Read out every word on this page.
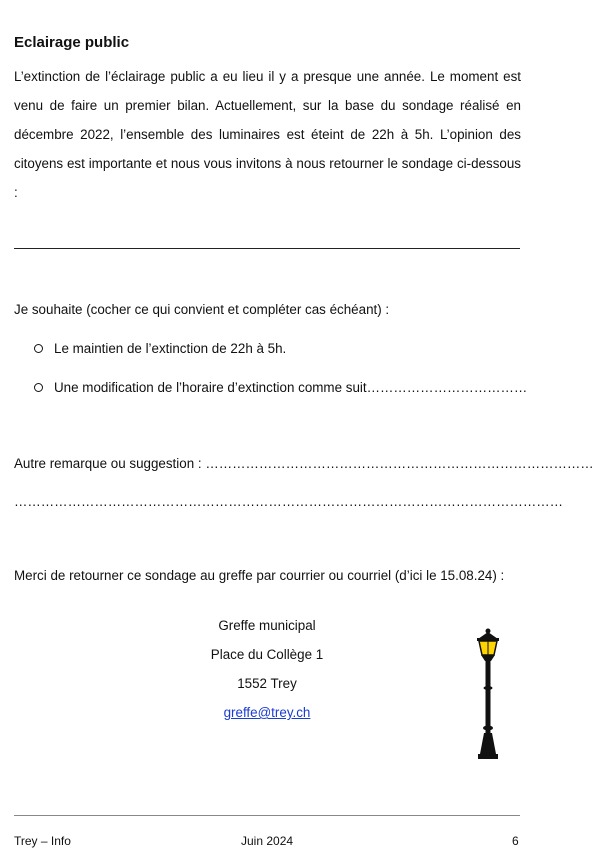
Eclairage public
L’extinction de l’éclairage public a eu lieu il y a presque une année. Le moment est venu de faire un premier bilan. Actuellement, sur la base du sondage réalisé en décembre 2022, l’ensemble des luminaires est éteint de 22h à 5h. L’opinion des citoyens est importante et nous vous invitons à nous retourner le sondage ci-dessous :
Je souhaite (cocher ce qui convient et compléter cas échéant) :
Le maintien de l’extinction de 22h à 5h.
Une modification de l’horaire d’extinction comme suit………………………………
Autre remarque ou suggestion : ……………………………………………………………………………
……………………………………………………………………………………………………………
Merci de retourner ce sondage au greffe par courrier ou courriel (d’ici le 15.08.24) :
Greffe municipal
Place du Collège 1
1552 Trey
greffe@trey.ch
Trey – Info	Juin 2024	6
